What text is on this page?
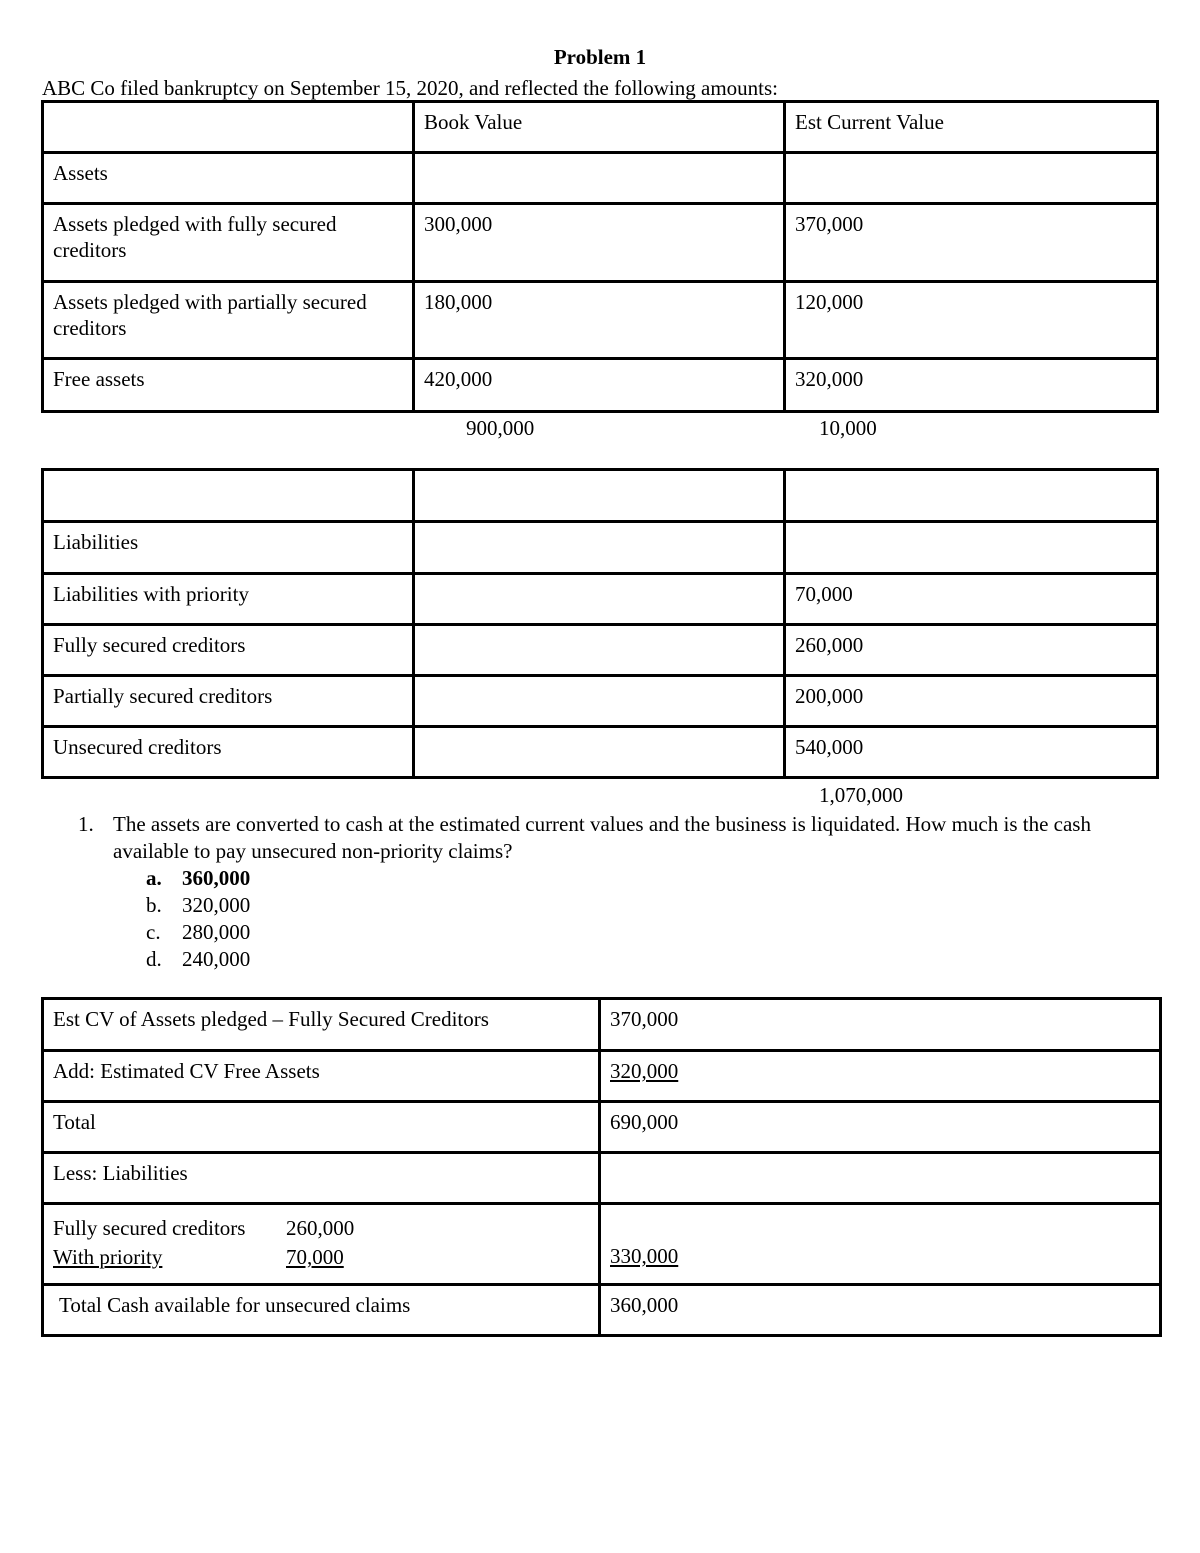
Problem 1
ABC Co filed bankruptcy on September 15, 2020, and reflected the following amounts:
	Book Value	Est Current Value
Assets		
Assets pledged with fully secured creditors	300,000	370,000
Assets pledged with partially secured creditors	180,000	120,000
Free assets	420,000	320,000
900,000	10,000

Liabilities		
Liabilities with priority		70,000
Fully secured creditors		260,000
Partially secured creditors		200,000
Unsecured creditors		540,000
1,070,000
1. The assets are converted to cash at the estimated current values and the business is liquidated. How much is the cash available to pay unsecured non-priority claims?
a. 360,000
b. 320,000
c. 280,000
d. 240,000
Est CV of Assets pledged – Fully Secured Creditors	370,000
Add: Estimated CV Free Assets	320,000
Total	690,000
Less: Liabilities	

Fully secured creditors 260,000
With priority 70,000	330,000
Total Cash available for unsecured claims	360,000
